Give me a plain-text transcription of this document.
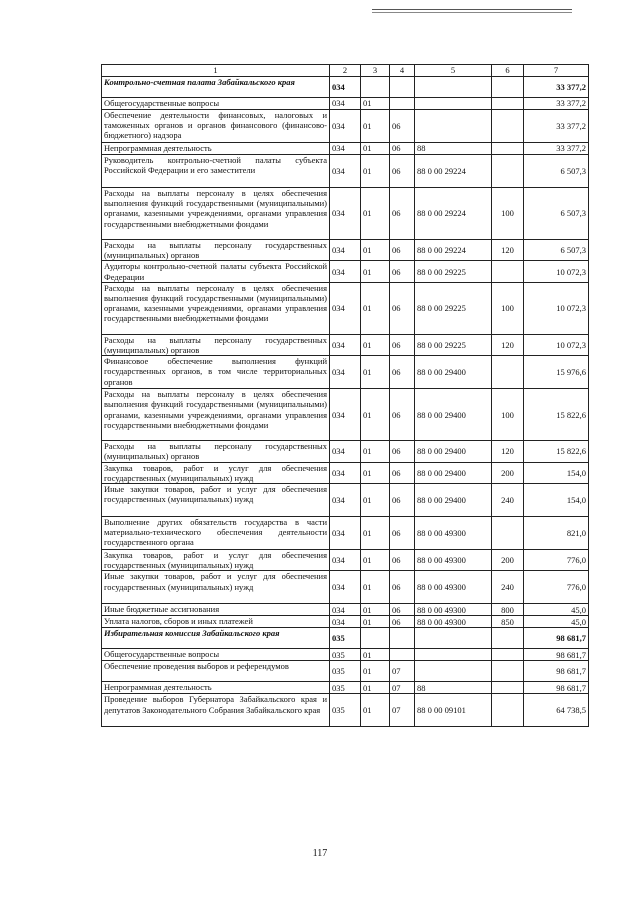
1	2	3	4	5	6	7
Контрольно-счетная палата Забайкальского края	034					33 377,2
Общегосударственные вопросы	034	01				33 377,2
Обеспечение деятельности финансовых, налоговых и таможенных органов и органов финансового (финансово-бюджетного) надзора	034	01	06			33 377,2
Непрограммная деятельность	034	01	06	88		33 377,2
Руководитель контрольно-счетной палаты субъекта Российской Федерации и его заместители	034	01	06	88 0 00 29224		6 507,3
Расходы на выплаты персоналу в целях обеспечения выполнения функций государственными (муниципальными) органами, казенными учреждениями, органами управления государственными внебюджетными фондами	034	01	06	88 0 00 29224	100	6 507,3
Расходы на выплаты персоналу государственных (муниципальных) органов	034	01	06	88 0 00 29224	120	6 507,3
Аудиторы контрольно-счетной палаты субъекта Российской Федерации	034	01	06	88 0 00 29225		10 072,3
Расходы на выплаты персоналу в целях обеспечения выполнения функций государственными (муниципальными) органами, казенными учреждениями, органами управления государственными внебюджетными фондами	034	01	06	88 0 00 29225	100	10 072,3
Расходы на выплаты персоналу государственных (муниципальных) органов	034	01	06	88 0 00 29225	120	10 072,3
Финансовое обеспечение выполнения функций государственных органов, в том числе территориальных органов	034	01	06	88 0 00 29400		15 976,6
Расходы на выплаты персоналу в целях обеспечения выполнения функций государственными (муниципальными) органами, казенными учреждениями, органами управления государственными внебюджетными фондами	034	01	06	88 0 00 29400	100	15 822,6
Расходы на выплаты персоналу государственных (муниципальных) органов	034	01	06	88 0 00 29400	120	15 822,6
Закупка товаров, работ и услуг для обеспечения государственных (муниципальных) нужд	034	01	06	88 0 00 29400	200	154,0
Иные закупки товаров, работ и услуг для обеспечения государственных (муниципальных) нужд	034	01	06	88 0 00 29400	240	154,0
Выполнение других обязательств государства в части материально-технического обеспечения деятельности государственного органа	034	01	06	88 0 00 49300		821,0
Закупка товаров, работ и услуг для обеспечения государственных (муниципальных) нужд	034	01	06	88 0 00 49300	200	776,0
Иные закупки товаров, работ и услуг для обеспечения государственных (муниципальных) нужд	034	01	06	88 0 00 49300	240	776,0
Иные бюджетные ассигнования	034	01	06	88 0 00 49300	800	45,0
Уплата налогов, сборов и иных платежей	034	01	06	88 0 00 49300	850	45,0
Избирательная комиссия Забайкальского края	035					98 681,7
Общегосударственные вопросы	035	01				98 681,7
Обеспечение проведения выборов и референдумов	035	01	07			98 681,7
Непрограммная деятельность	035	01	07	88		98 681,7
Проведение выборов Губернатора Забайкальского края и депутатов Законодательного Собрания Забайкальского края	035	01	07	88 0 00 09101		64 738,5
117
